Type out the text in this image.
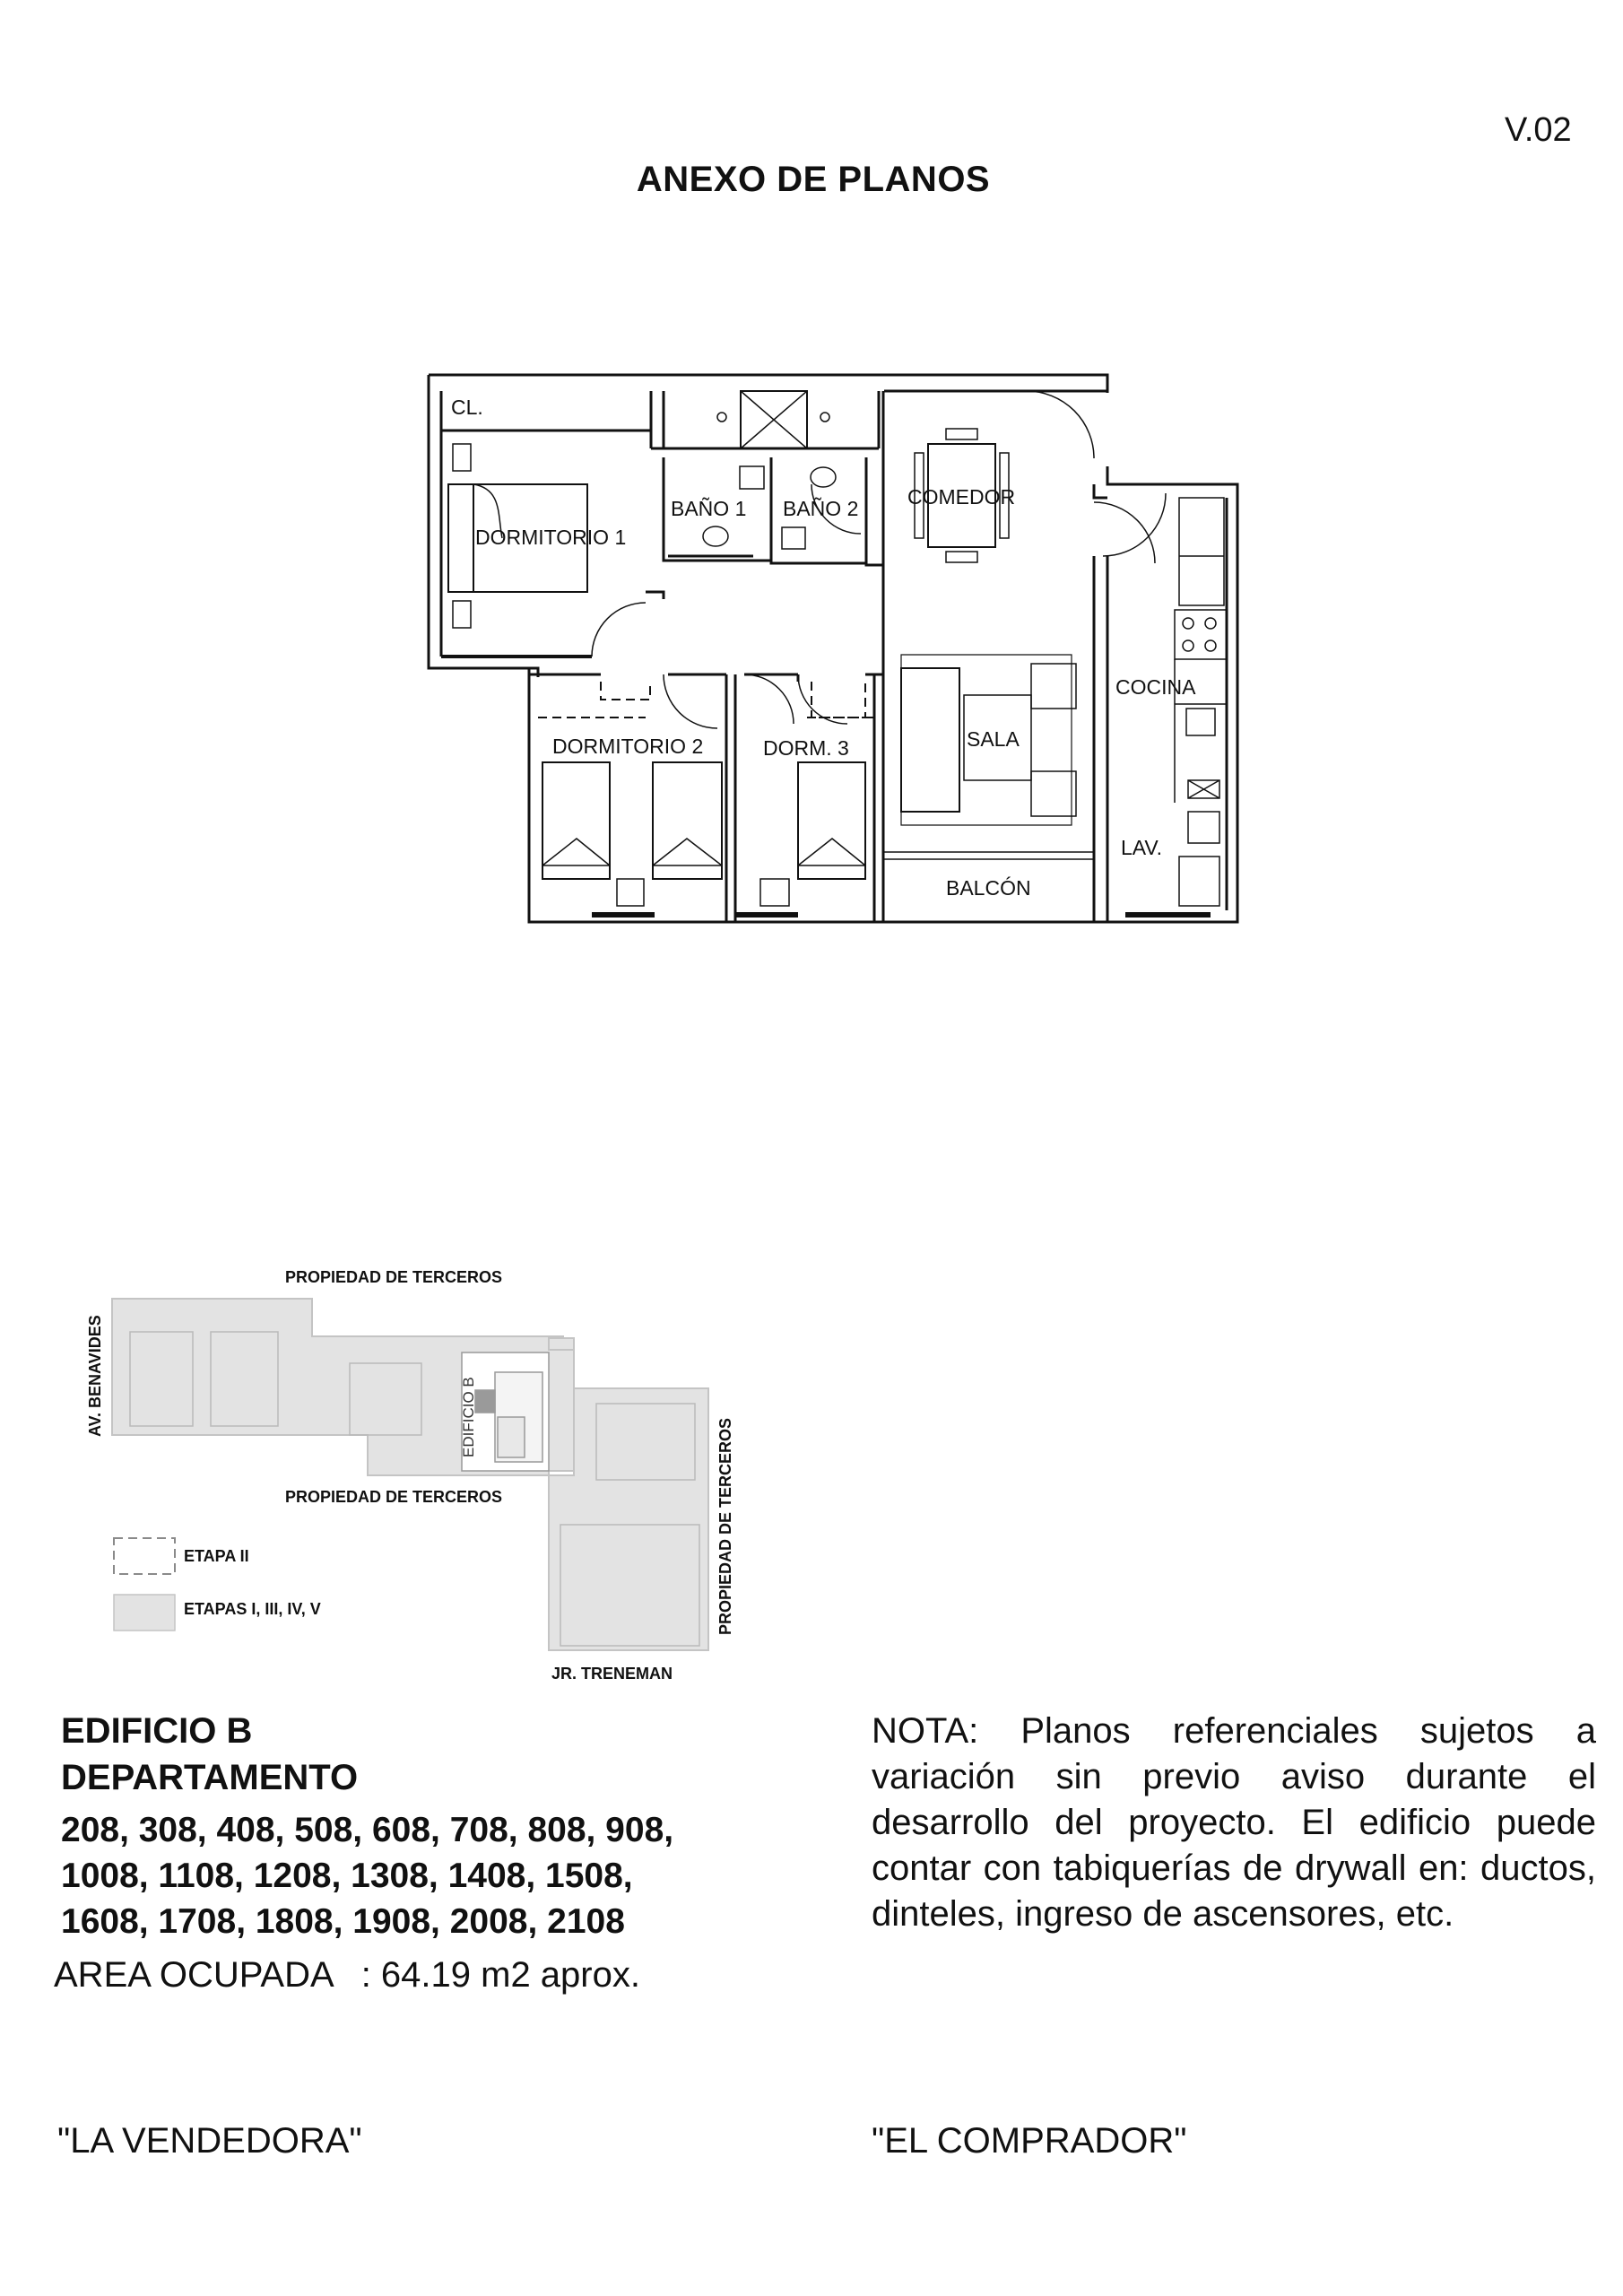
V.02
ANEXO DE PLANOS
CL.
DORMITORIO 1
BAÑO 1 BAÑO 2 COMEDOR
COCINA
DORMITORIO 2	DORM. 3	SALA
LAV.
BALCÓN
PROPIEDAD DE TERCEROS
PROPIEDAD DE TERCEROS
JR. TRENEMAN
ETAPA II
ETAPAS I, III, IV, V
AV. BENAVIDES
PROPIEDAD DE TERCEROS
EDIFICIO B
EDIFICIO B
DEPARTAMENTO
208, 308, 408, 508, 608, 708, 808, 908,
1008, 1108, 1208, 1308, 1408, 1508,
1608, 1708, 1808, 1908, 2008, 2108
AREA OCUPADA : 64.19 m2 aprox.
NOTA: Planos referenciales sujetos a variación sin previo aviso durante el desarrollo del proyecto. El edificio puede contar con tabiquerías de drywall en: ductos, dinteles, ingreso de ascensores, etc.
"LA VENDEDORA"	"EL COMPRADOR"
